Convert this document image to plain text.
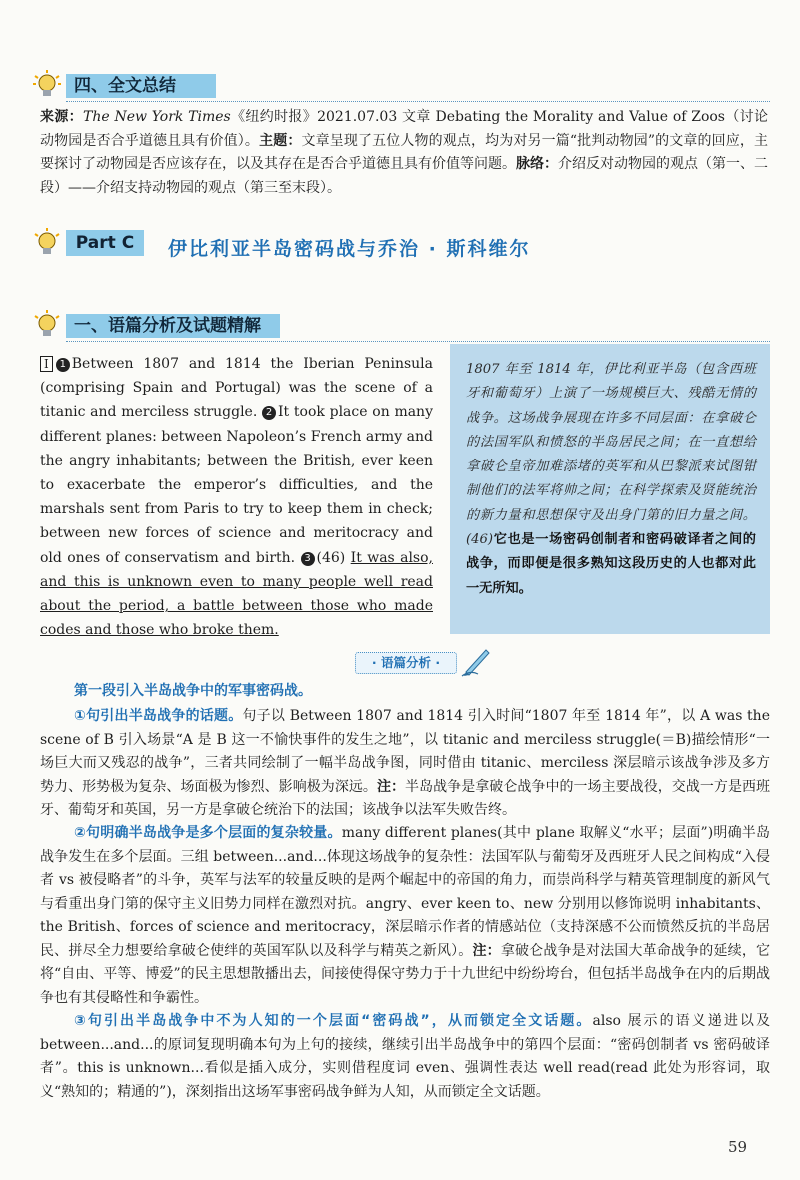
四、全文总结
来源：The New York Times《纽约时报》2021.07.03 文章 Debating the Morality and Value of Zoos（讨论动物园是否合乎道德且具有价值）。主题：文章呈现了五位人物的观点，均为对另一篇“批判动物园”的文章的回应，主要探讨了动物园是否应该存在，以及其存在是否合乎道德且具有价值等问题。脉络：介绍反对动物园的观点（第一、二段）——介绍支持动物园的观点（第三至末段）。
Part C	伊比利亚半岛密码战与乔治 · 斯科维尔
一、语篇分析及试题精解
I 1 Between 1807 and 1814 the Iberian Peninsula (comprising Spain and Portugal) was the scene of a titanic and merciless struggle. 2 It took place on many different planes: between Napoleon’s French army and the angry inhabitants; between the British, ever keen to exacerbate the emperor’s difficulties, and the marshals sent from Paris to try to keep them in check; between new forces of science and meritocracy and old ones of conservatism and birth. 3 (46) It was also, and this is unknown even to many people well read about the period, a battle between those who made codes and those who broke them.
1807 年至 1814 年，伊比利亚半岛（包含西班牙和葡萄牙）上演了一场规模巨大、残酷无情的战争。这场战争展现在许多不同层面：在拿破仑的法国军队和愤怒的半岛居民之间；在一直想给拿破仑皇帝加难添堵的英军和从巴黎派来试图钳制他们的法军将帅之间；在科学探索及贤能统治的新力量和思想保守及出身门第的旧力量之间。(46)它也是一场密码创制者和密码破译者之间的战争，而即便是很多熟知这段历史的人也都对此一无所知。
· 语篇分析 ·
第一段引入半岛战争中的军事密码战。
①句引出半岛战争的话题。句子以 Between 1807 and 1814 引入时间“1807 年至 1814 年”，以 A was the scene of B 引入场景“A 是 B 这一不愉快事件的发生之地”，以 titanic and merciless struggle(＝B)描绘情形“一场巨大而又残忍的战争”，三者共同绘制了一幅半岛战争图，同时借由 titanic、merciless 深层暗示该战争涉及多方势力、形势极为复杂、场面极为惨烈、影响极为深远。注：半岛战争是拿破仑战争中的一场主要战役，交战一方是西班牙、葡萄牙和英国，另一方是拿破仑统治下的法国；该战争以法军失败告终。
②句明确半岛战争是多个层面的复杂较量。many different planes(其中 plane 取解义“水平；层面”)明确半岛战争发生在多个层面。三组 between...and...体现这场战争的复杂性：法国军队与葡萄牙及西班牙人民之间构成“入侵者 vs 被侵略者”的斗争，英军与法军的较量反映的是两个崛起中的帝国的角力，而崇尚科学与精英管理制度的新风气与看重出身门第的保守主义旧势力同样在激烈对抗。angry、ever keen to、new 分别用以修饰说明 inhabitants、the British、forces of science and meritocracy，深层暗示作者的情感站位（支持深感不公而愤然反抗的半岛居民、拼尽全力想要给拿破仑使绊的英国军队以及科学与精英之新风）。注：拿破仑战争是对法国大革命战争的延续，它将“自由、平等、博爱”的民主思想散播出去，间接使得保守势力于十九世纪中纷纷垮台，但包括半岛战争在内的后期战争也有其侵略性和争霸性。
③句引出半岛战争中不为人知的一个层面“密码战”，从而锁定全文话题。also 展示的语义递进以及 between...and...的原词复现明确本句为上句的接续，继续引出半岛战争中的第四个层面：“密码创制者 vs 密码破译者”。this is unknown...看似是插入成分，实则借程度词 even、强调性表达 well read(read 此处为形容词，取义“熟知的；精通的”)，深刻指出这场军事密码战争鲜为人知，从而锁定全文话题。
59
